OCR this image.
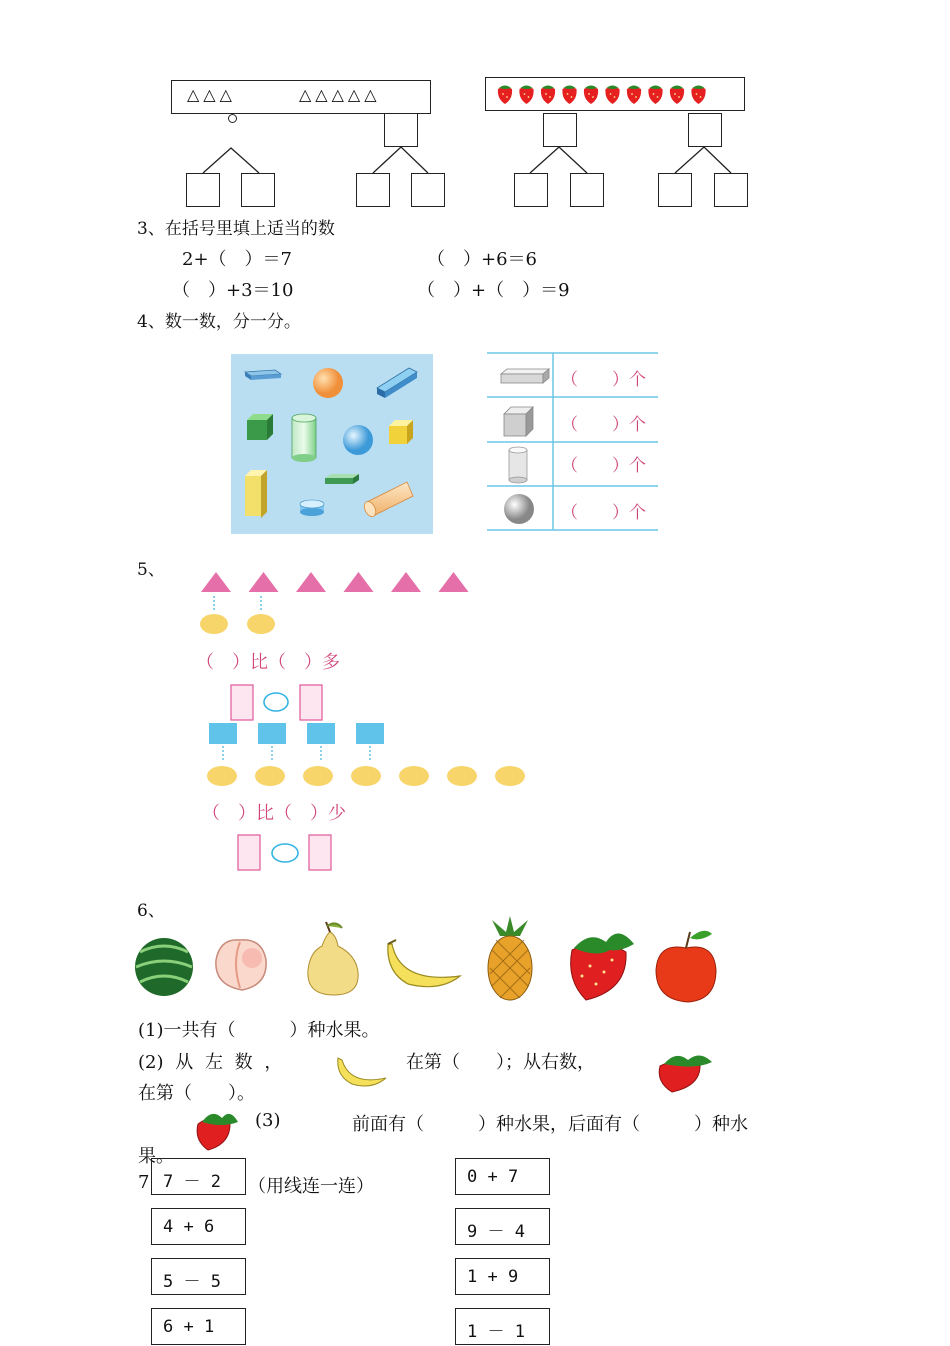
△△△	△△△△△
3、在括号里填上适当的数
2+（　）＝7	（　）+6＝6
（　）+3＝10	（　）+（　）＝9
4、数一数，分一分。
（　　）个
（　　）个
（　　）个
（　　）个
5、
（　）比（　）多
（　）比（　）少
6、
(1)一共有（　　　）种水果。
(2) 从 左 数 ，	在第（　　）；从右数，
在第（　　）。
(3)	前面有（　　　）种水果，后面有（　　　）种水
果。
7	（用线连一连）
7 － 2
4 + 6
5 － 5
6 + 1
0 + 7
9 － 4
1 + 9
1 － 1
